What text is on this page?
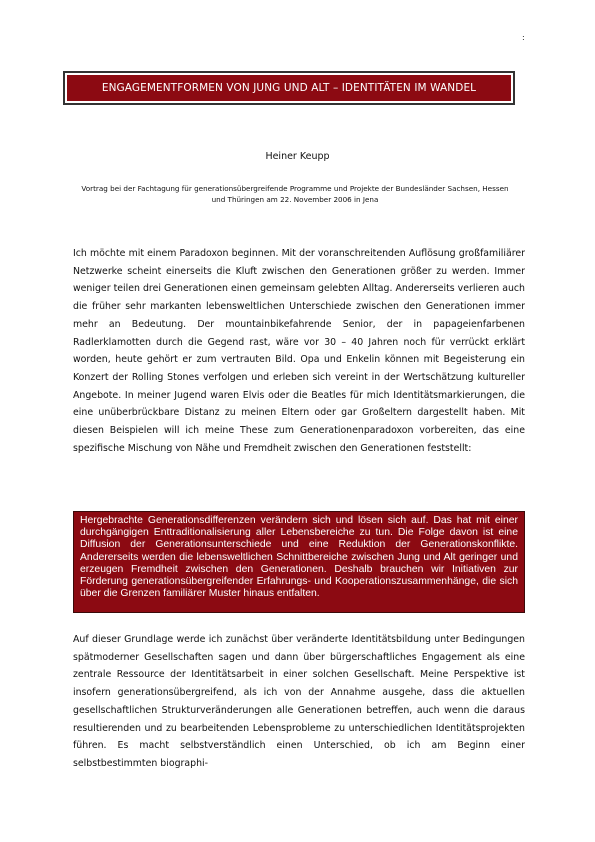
:
ENGAGEMENTFORMEN VON JUNG UND ALT – IDENTITÄTEN IM WANDEL
Heiner Keupp
Vortrag bei der Fachtagung für generationsübergreifende Programme und Projekte der Bundesländer Sachsen, Hessen und Thüringen am 22. November 2006 in Jena

Ich möchte mit einem Paradoxon beginnen. Mit der voranschreitenden Auflösung großfamiliärer Netzwerke scheint einerseits die Kluft zwischen den Generationen größer zu werden. Immer weniger teilen drei Generationen einen gemeinsam gelebten Alltag. Andererseits verlieren auch die früher sehr markanten lebensweltlichen Unterschiede zwischen den Generationen immer mehr an Bedeutung. Der mountainbikefahrende Senior, der in papageienfarbenen Radlerklamotten durch die Gegend rast, wäre vor 30 – 40 Jahren noch für verrückt erklärt worden, heute gehört er zum vertrauten Bild. Opa und Enkelin können mit Begeisterung ein Konzert der Rolling Stones verfolgen und erleben sich vereint in der Wertschätzung kultureller Angebote. In meiner Jugend waren Elvis oder die Beatles für mich Identitätsmarkierungen, die eine unüberbrückbare Distanz zu meinen Eltern oder gar Großeltern dargestellt haben. Mit diesen Beispielen will ich meine These zum Generationenparadoxon vorbereiten, das eine spezifische Mischung von Nähe und Fremdheit zwischen den Generationen feststellt:

Hergebrachte Generationsdifferenzen verändern sich und lösen sich auf. Das hat mit einer durchgängigen Enttraditionalisierung aller Lebensbereiche zu tun. Die Folge davon ist eine Diffusion der Generationsunterschiede und eine Reduktion der Generationskonflikte. Andererseits werden die lebensweltlichen Schnittbereiche zwischen Jung und Alt geringer und erzeugen Fremdheit zwischen den Generationen. Deshalb brauchen wir Initiativen zur Förderung generationsübergreifender Erfahrungs- und Kooperationszusammenhänge, die sich über die Grenzen familiärer Muster hinaus entfalten.

Auf dieser Grundlage werde ich zunächst über veränderte Identitätsbildung unter Bedingungen spätmoderner Gesellschaften sagen und dann über bürgerschaftliches Engagement als eine zentrale Ressource der Identitätsarbeit in einer solchen Gesellschaft. Meine Perspektive ist insofern generationsübergreifend, als ich von der Annahme ausgehe, dass die aktuellen gesellschaftlichen Strukturveränderungen alle Generationen betreffen, auch wenn die daraus resultierenden und zu bearbeitenden Lebensprobleme zu unterschiedlichen Identitätsprojekten führen. Es macht selbstverständlich einen Unterschied, ob ich am Beginn einer selbstbestimmten biographi-
